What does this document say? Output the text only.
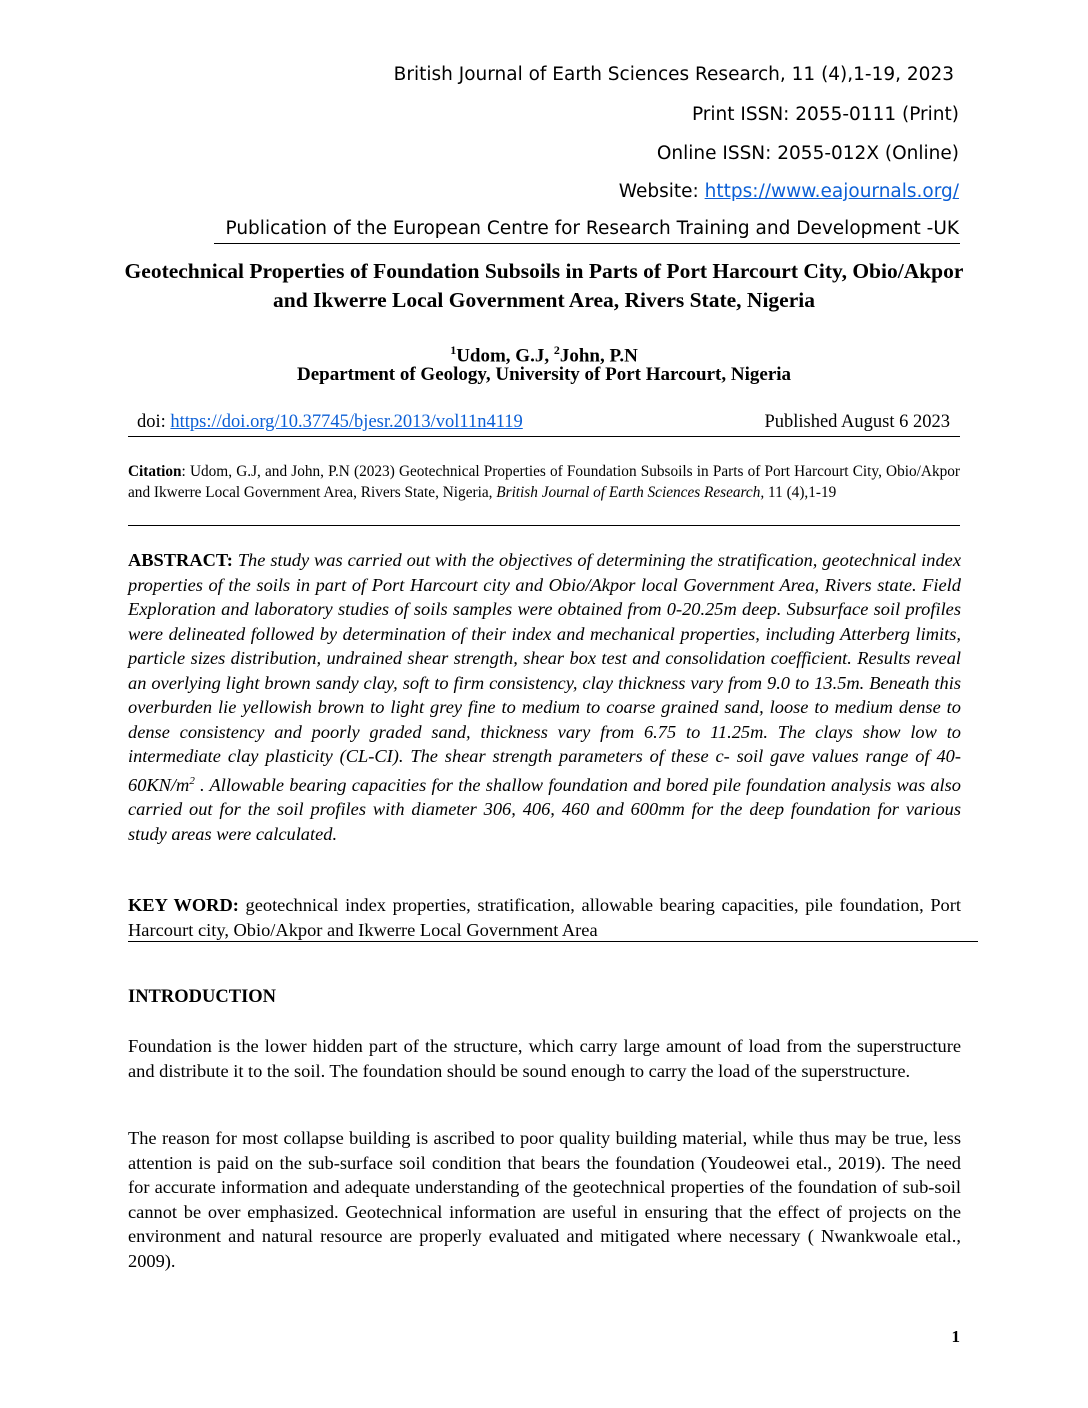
British Journal of Earth Sciences Research, 11 (4),1-19, 2023
Print ISSN: 2055-0111 (Print)
Online ISSN: 2055-012X (Online)
Website: https://www.eajournals.org/
Publication of the European Centre for Research Training and Development -UK
Geotechnical Properties of Foundation Subsoils in Parts of Port Harcourt City, Obio/Akpor and Ikwerre Local Government Area, Rivers State, Nigeria
$^1$Udom, G.J, $^2$John, P.N
Department of Geology, University of Port Harcourt, Nigeria
doi: https://doi.org/10.37745/bjesr.2013/vol11n4119	Published August 6 2023
Citation: Udom, G.J, and John, P.N (2023) Geotechnical Properties of Foundation Subsoils in Parts of Port Harcourt City, Obio/Akpor and Ikwerre Local Government Area, Rivers State, Nigeria, British Journal of Earth Sciences Research, 11 (4),1-19
ABSTRACT: The study was carried out with the objectives of determining the stratification, geotechnical index properties of the soils in part of Port Harcourt city and Obio/Akpor local Government Area, Rivers state. Field Exploration and laboratory studies of soils samples were obtained from 0-20.25m deep. Subsurface soil profiles were delineated followed by determination of their index and mechanical properties, including Atterberg limits, particle sizes distribution, undrained shear strength, shear box test and consolidation coefficient. Results reveal an overlying light brown sandy clay, soft to firm consistency, clay thickness vary from 9.0 to 13.5m. Beneath this overburden lie yellowish brown to light grey fine to medium to coarse grained sand, loose to medium dense to dense consistency and poorly graded sand, thickness vary from 6.75 to 11.25m. The clays show low to intermediate clay plasticity (CL-CI). The shear strength parameters of these c- soil gave values range of $40-60KN/m^2$ . Allowable bearing capacities for the shallow foundation and bored pile foundation analysis was also carried out for the soil profiles with diameter 306, 406, 460 and 600mm for the deep foundation for various study areas were calculated.
KEY WORD: geotechnical index properties, stratification, allowable bearing capacities, pile foundation, Port Harcourt city, Obio/Akpor and Ikwerre Local Government Area
INTRODUCTION
Foundation is the lower hidden part of the structure, which carry large amount of load from the superstructure and distribute it to the soil. The foundation should be sound enough to carry the load of the superstructure.
The reason for most collapse building is ascribed to poor quality building material, while thus may be true, less attention is paid on the sub-surface soil condition that bears the foundation (Youdeowei etal., 2019). The need for accurate information and adequate understanding of the geotechnical properties of the foundation of sub-soil cannot be over emphasized. Geotechnical information are useful in ensuring that the effect of projects on the environment and natural resource are properly evaluated and mitigated where necessary ( Nwankwoale etal., 2009).
1
